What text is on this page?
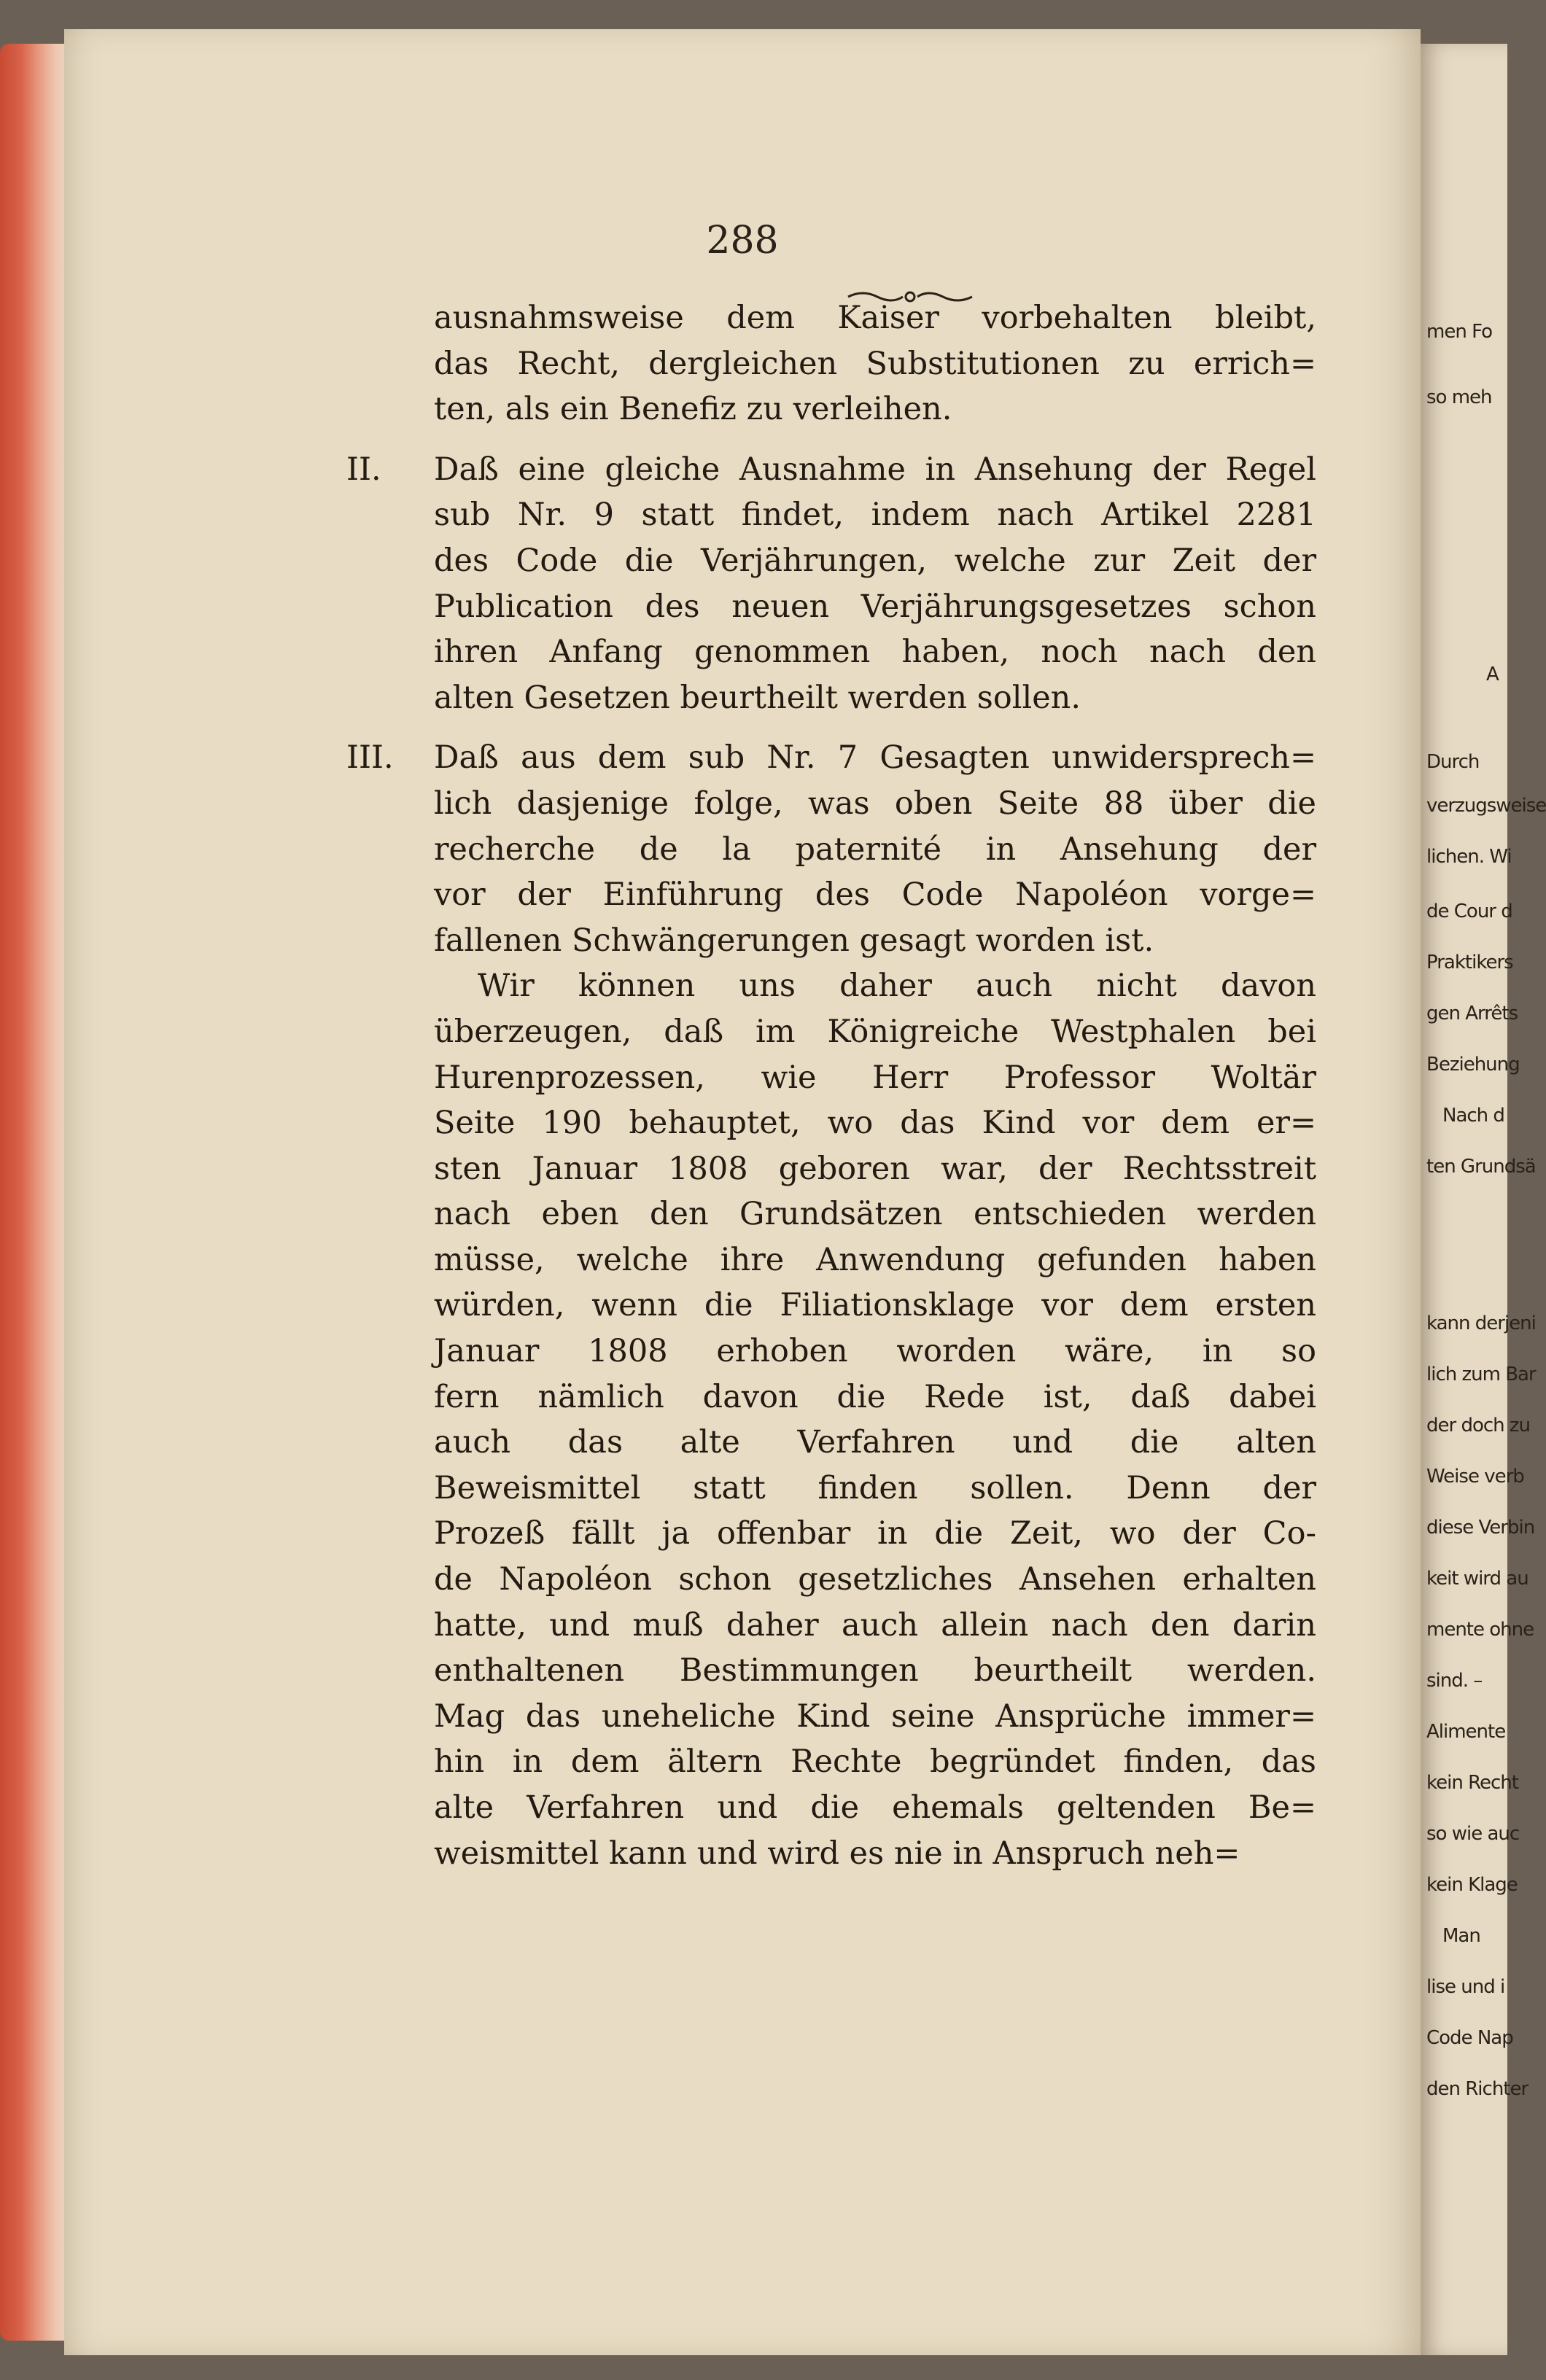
288
ausnahmsweise dem Kaiser vorbehalten bleibt,
das Recht, dergleichen Substitutionen zu errich=
ten, als ein Benefiz zu verleihen.
II. Daß eine gleiche Ausnahme in Ansehung der Regel
sub Nr. 9 statt findet, indem nach Artikel 2281
des Code die Verjährungen, welche zur Zeit der
Publication des neuen Verjährungsgesetzes schon
ihren Anfang genommen haben, noch nach den
alten Gesetzen beurtheilt werden sollen.
III. Daß aus dem sub Nr. 7 Gesagten unwidersprech=
lich dasjenige folge, was oben Seite 88 über die
recherche de la paternité in Ansehung der
vor der Einführung des Code Napoléon vorge=
fallenen Schwängerungen gesagt worden ist.
Wir können uns daher auch nicht davon
überzeugen, daß im Königreiche Westphalen bei
Hurenprozessen, wie Herr Professor Woltär
Seite 190 behauptet, wo das Kind vor dem er=
sten Januar 1808 geboren war, der Rechtsstreit
nach eben den Grundsätzen entschieden werden
müsse, welche ihre Anwendung gefunden haben
würden, wenn die Filiationsklage vor dem ersten
Januar 1808 erhoben worden wäre, in so
fern nämlich davon die Rede ist, daß dabei
auch das alte Verfahren und die alten
Beweismittel statt finden sollen. Denn der
Prozeß fällt ja offenbar in die Zeit, wo der Co-
de Napoléon schon gesetzliches Ansehen erhalten
hatte, und muß daher auch allein nach den darin
enthaltenen Bestimmungen beurtheilt werden.
Mag das uneheliche Kind seine Ansprüche immer=
hin in dem ältern Rechte begründet finden, das
alte Verfahren und die ehemals geltenden Be=
weismittel kann und wird es nie in Anspruch neh=
men Fo
so meh
A
Durch
verzugsweise
lichen. Wi
de Cour d
Praktikers
gen Arrêts
Beziehung
Nach d
ten Grundsä
kann derjeni
lich zum Bar
der doch zu
Weise verb
diese Verbin
keit wird au
mente ohne
sind. –
Alimente
kein Recht
so wie auc
kein Klage
Man
lise und i
Code Nap
den Richter
